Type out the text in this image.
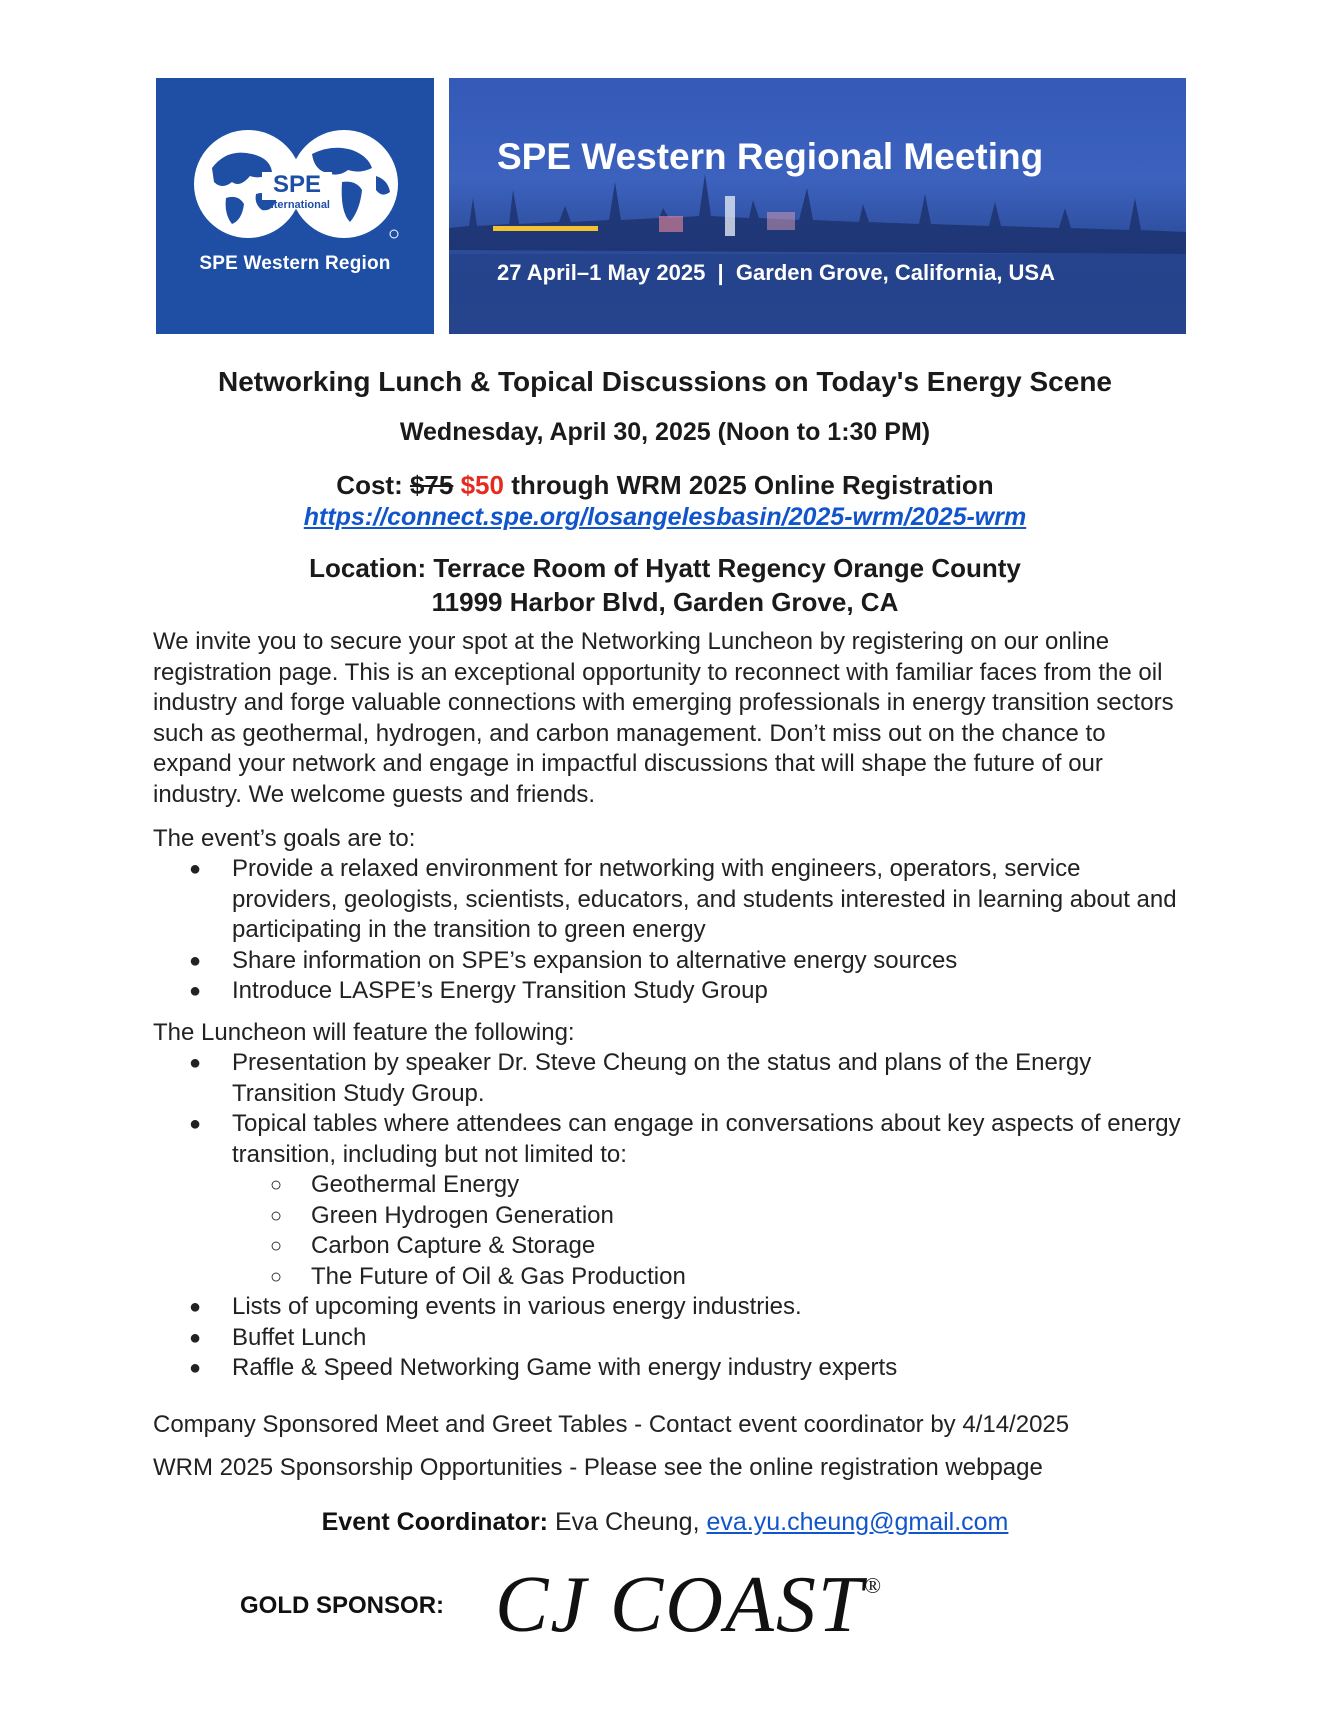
SPE
International
SPE Western Region
SPE Western Regional Meeting
27 April–1 May 2025  |  Garden Grove, California, USA
Networking Lunch & Topical Discussions on Today's Energy Scene
Wednesday, April 30, 2025 (Noon to 1:30 PM)
Cost: $75 $50 through WRM 2025 Online Registration
https://connect.spe.org/losangelesbasin/2025-wrm/2025-wrm
Location: Terrace Room of Hyatt Regency Orange County
11999 Harbor Blvd, Garden Grove, CA
We invite you to secure your spot at the Networking Luncheon by registering on our online registration page. This is an exceptional opportunity to reconnect with familiar faces from the oil industry and forge valuable connections with emerging professionals in energy transition sectors such as geothermal, hydrogen, and carbon management. Don’t miss out on the chance to expand your network and engage in impactful discussions that will shape the future of our industry. We welcome guests and friends.
The event’s goals are to:
● Provide a relaxed environment for networking with engineers, operators, service providers, geologists, scientists, educators, and students interested in learning about and participating in the transition to green energy
● Share information on SPE’s expansion to alternative energy sources
● Introduce LASPE’s Energy Transition Study Group
The Luncheon will feature the following:
● Presentation by speaker Dr. Steve Cheung on the status and plans of the Energy Transition Study Group.
● Topical tables where attendees can engage in conversations about key aspects of energy transition, including but not limited to:
○ Geothermal Energy
○ Green Hydrogen Generation
○ Carbon Capture & Storage
○ The Future of Oil & Gas Production
● Lists of upcoming events in various energy industries.
● Buffet Lunch
● Raffle & Speed Networking Game with energy industry experts
Company Sponsored Meet and Greet Tables - Contact event coordinator by 4/14/2025
WRM 2025 Sponsorship Opportunities - Please see the online registration webpage
Event Coordinator: Eva Cheung, eva.yu.cheung@gmail.com
GOLD SPONSOR: CJ COAST®
